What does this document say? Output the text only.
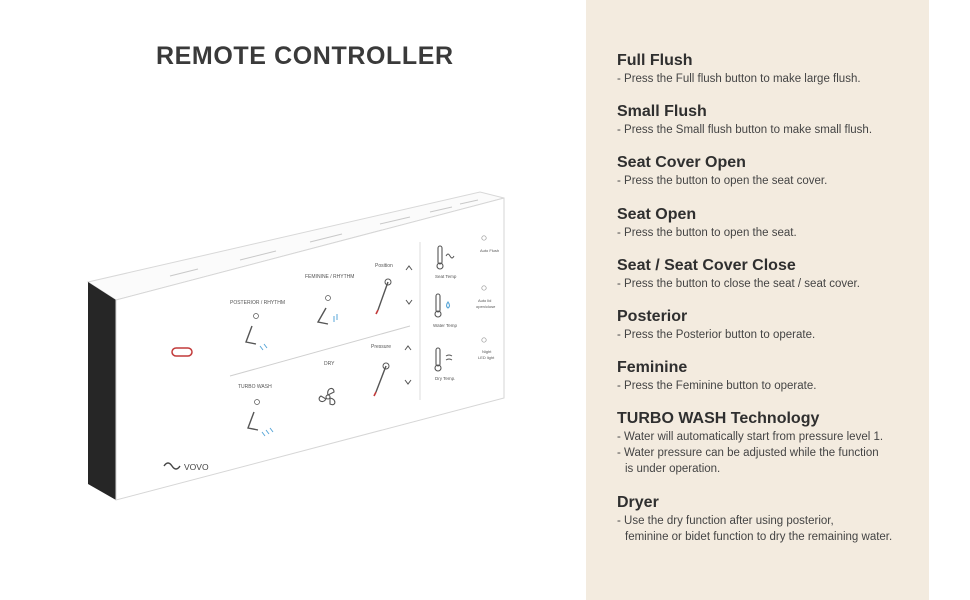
REMOTE CONTROLLER
POSTERIOR / RHYTHM
FEMININE / RHYTHM
Position
TURBO WASH
DRY
Pressure
Seat Temp
Water Temp
Dry Temp.
Auto Flush
Auto lid
open/close
Night
LED light
VOVO
Full Flush
- Press the Full flush button to make large flush.
Small Flush
- Press the Small flush button to make small flush.
Seat Cover Open
- Press the button to open the seat cover.
Seat Open
- Press the button to open the seat.
Seat / Seat Cover Close
- Press the button to close the seat / seat cover.
Posterior
- Press the Posterior button to operate.
Feminine
- Press the Feminine button to operate.
TURBO WASH Technology
- Water will automatically start from pressure level 1.
- Water pressure can be adjusted while the function
is under operation.
Dryer
- Use the dry function after using posterior,
feminine or bidet function to dry the remaining water.
